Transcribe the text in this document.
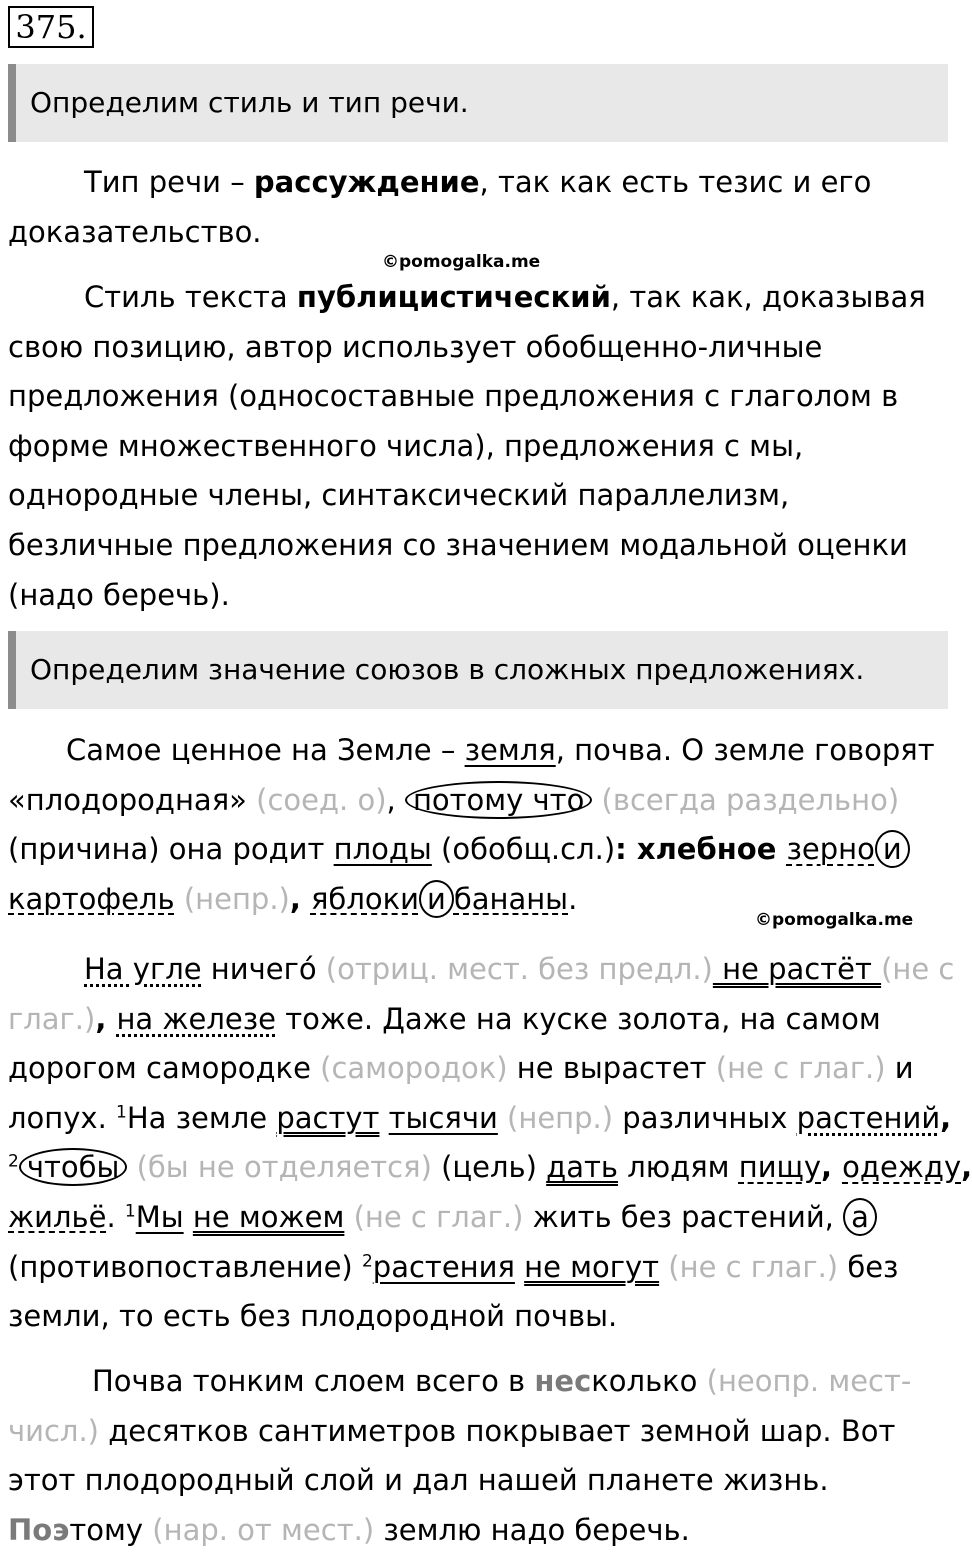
375.
Определим стиль и тип речи.
Тип речи – рассуждение, так как есть тезис и его
доказательство.
©pomogalka.me
Стиль текста публицистический, так как, доказывая
свою позицию, автор использует обобщенно-личные
предложения (односоставные предложения с глаголом в
форме множественного числа), предложения с мы,
однородные члены, синтаксический параллелизм,
безличные предложения со значением модальной оценки
(надо беречь).
Определим значение союзов в сложных предложениях.
Самое ценное на Земле – земля, почва. О земле говорят
«плодородная» (соед. о), потому что (всегда раздельно)
(причина) она родит плоды (обобщ.сл.): хлебное зерно и
картофель (непр.), яблоки и бананы.
©pomogalka.me
На углe ничегó (отриц. мест. без предл.) не растёт (не с
глаг.), на железе тоже. Даже на куске золота, на самом
дорогом самородке (самородок) не вырастет (не с глаг.) и
лопух. $^1$На земле растут тысячи (непр.) различных растений,
$^2$ чтобы (бы не отделяется) (цель) дать людям пищу, одежду,
жильё. $^1$Мы не можем (не с глаг.) жить без растений, а
(противопоставление) $^2$растения не могут (не с глаг.) без
земли, то есть без плодородной почвы.
Почва тонким слоем всего в несколько (неопр. мест-
числ.) десятков сантиметров покрывает земной шар. Вот
этот плодородный слой и дал нашей планете жизнь.
Поэтому (нар. от мест.) землю надо беречь.
